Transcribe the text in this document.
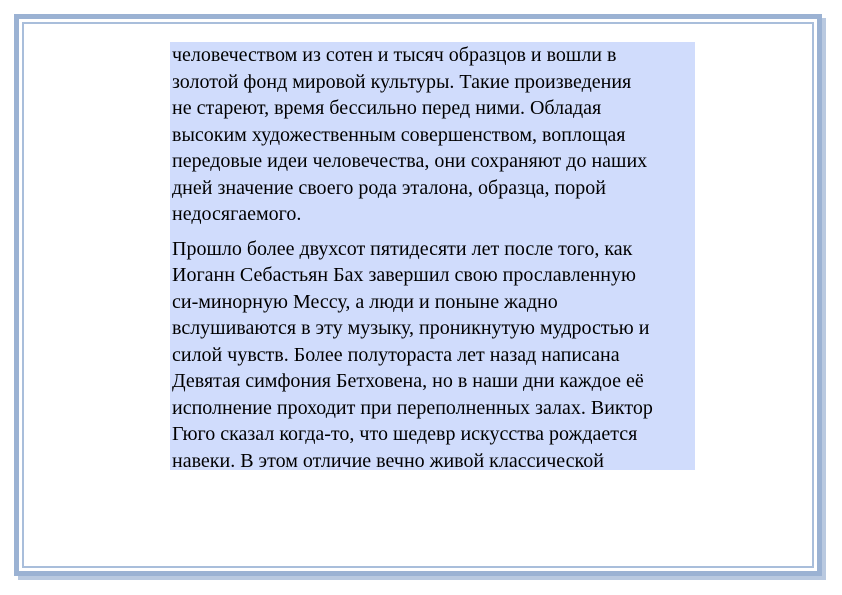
человечеством из сотен и тысяч образцов и вошли в
золотой фонд мировой культуры. Такие произведения
не стареют, время бессильно перед ними. Обладая
высоким художественным совершенством, воплощая
передовые идеи человечества, они сохраняют до наших
дней значение своего рода эталона, образца, порой
недосягаемого.

Прошло более двухсот пятидесяти лет после того, как
Иоганн Себастьян Бах завершил свою прославленную
си-минорную Мессу, а люди и поныне жадно
вслушиваются в эту музыку, проникнутую мудростью и
силой чувств. Более полутораста лет назад написана
Девятая симфония Бетховена, но в наши дни каждое её
исполнение проходит при переполненных залах. Виктор
Гюго сказал когда-то, что шедевр искусства рождается
навеки. В этом отличие вечно живой классической
